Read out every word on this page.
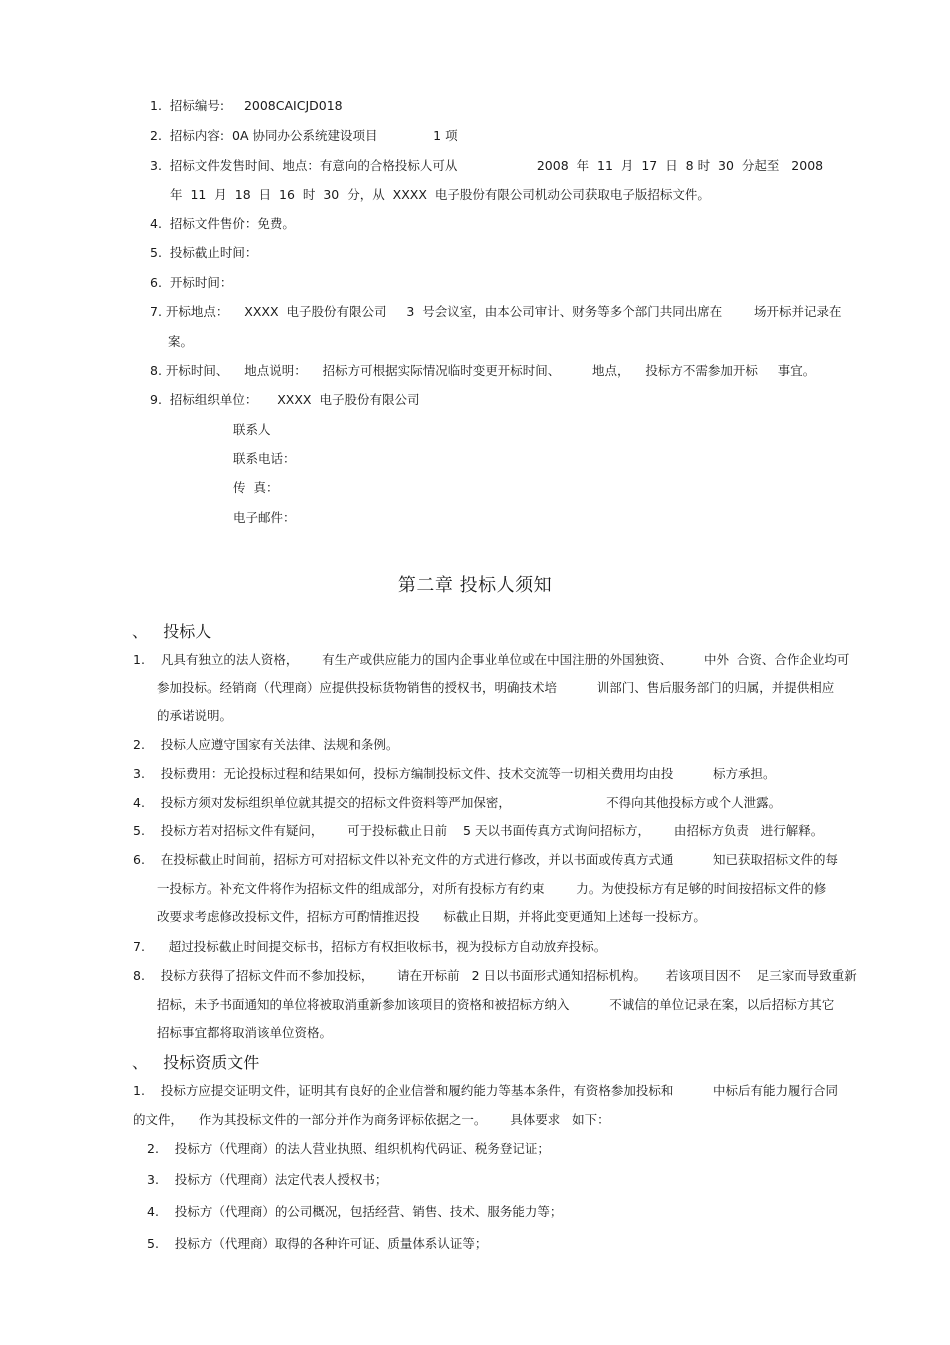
1.  招标编号:     2008CAICJD018
2.  招标内容:  0A 协同办公系统建设项目              1 项
3.  招标文件发售时间、地点：有意向的合格投标人可从                    2008  年  11  月  17  日  8 时  30  分起至   2008
年  11  月  18  日  16  时  30  分，从  XXXX  电子股份有限公司机动公司获取电子版招标文件。
4.  招标文件售价：免费。
5.  投标截止时间：
6.  开标时间：
7. 开标地点：    XXXX  电子股份有限公司     3  号会议室，由本公司审计、财务等多个部门共同出席在        场开标并记录在
案。
8. 开标时间、    地点说明：    招标方可根据实际情况临时变更开标时间、        地点，    投标方不需参加开标     事宜。
9.  招标组织单位：     XXXX  电子股份有限公司
联系人
联系电话：
传  真：
电子邮件：
第二章 投标人须知
、   投标人
1.    凡具有独立的法人资格，      有生产或供应能力的国内企事业单位或在中国注册的外国独资、        中外  合资、合作企业均可
参加投标。经销商（代理商）应提供投标货物销售的授权书，明确技术培          训部门、售后服务部门的归属，并提供相应
的承诺说明。
2.    投标人应遵守国家有关法律、法规和条例。
3.    投标费用：无论投标过程和结果如何，投标方编制投标文件、技术交流等一切相关费用均由投          标方承担。
4.    投标方须对发标组织单位就其提交的招标文件资料等严加保密，                        不得向其他投标方或个人泄露。
5.    投标方若对招标文件有疑问，      可于投标截止日前    5 天以书面传真方式询问招标方，      由招标方负责   进行解释。
6.    在投标截止时间前，招标方可对招标文件以补充文件的方式进行修改，并以书面或传真方式通          知已获取招标文件的每
一投标方。补充文件将作为招标文件的组成部分，对所有投标方有约束        力。为使投标方有足够的时间按招标文件的修
改要求考虑修改投标文件，招标方可酌情推迟投      标截止日期，并将此变更通知上述每一投标方。
7.      超过投标截止时间提交标书，招标方有权拒收标书，视为投标方自动放弃投标。
8.    投标方获得了招标文件而不参加投标，      请在开标前   2 日以书面形式通知招标机构。     若该项目因不    足三家而导致重新
招标，未予书面通知的单位将被取消重新参加该项目的资格和被招标方纳入          不诚信的单位记录在案，以后招标方其它
招标事宜都将取消该单位资格。
、   投标资质文件
1.    投标方应提交证明文件，证明其有良好的企业信誉和履约能力等基本条件，有资格参加投标和          中标后有能力履行合同
的文件，    作为其投标文件的一部分并作为商务评标依据之一。      具体要求   如下：
2.    投标方（代理商）的法人营业执照、组织机构代码证、税务登记证；
3.    投标方（代理商）法定代表人授权书；
4.    投标方（代理商）的公司概况，包括经营、销售、技术、服务能力等；
5.    投标方（代理商）取得的各种许可证、质量体系认证等；
